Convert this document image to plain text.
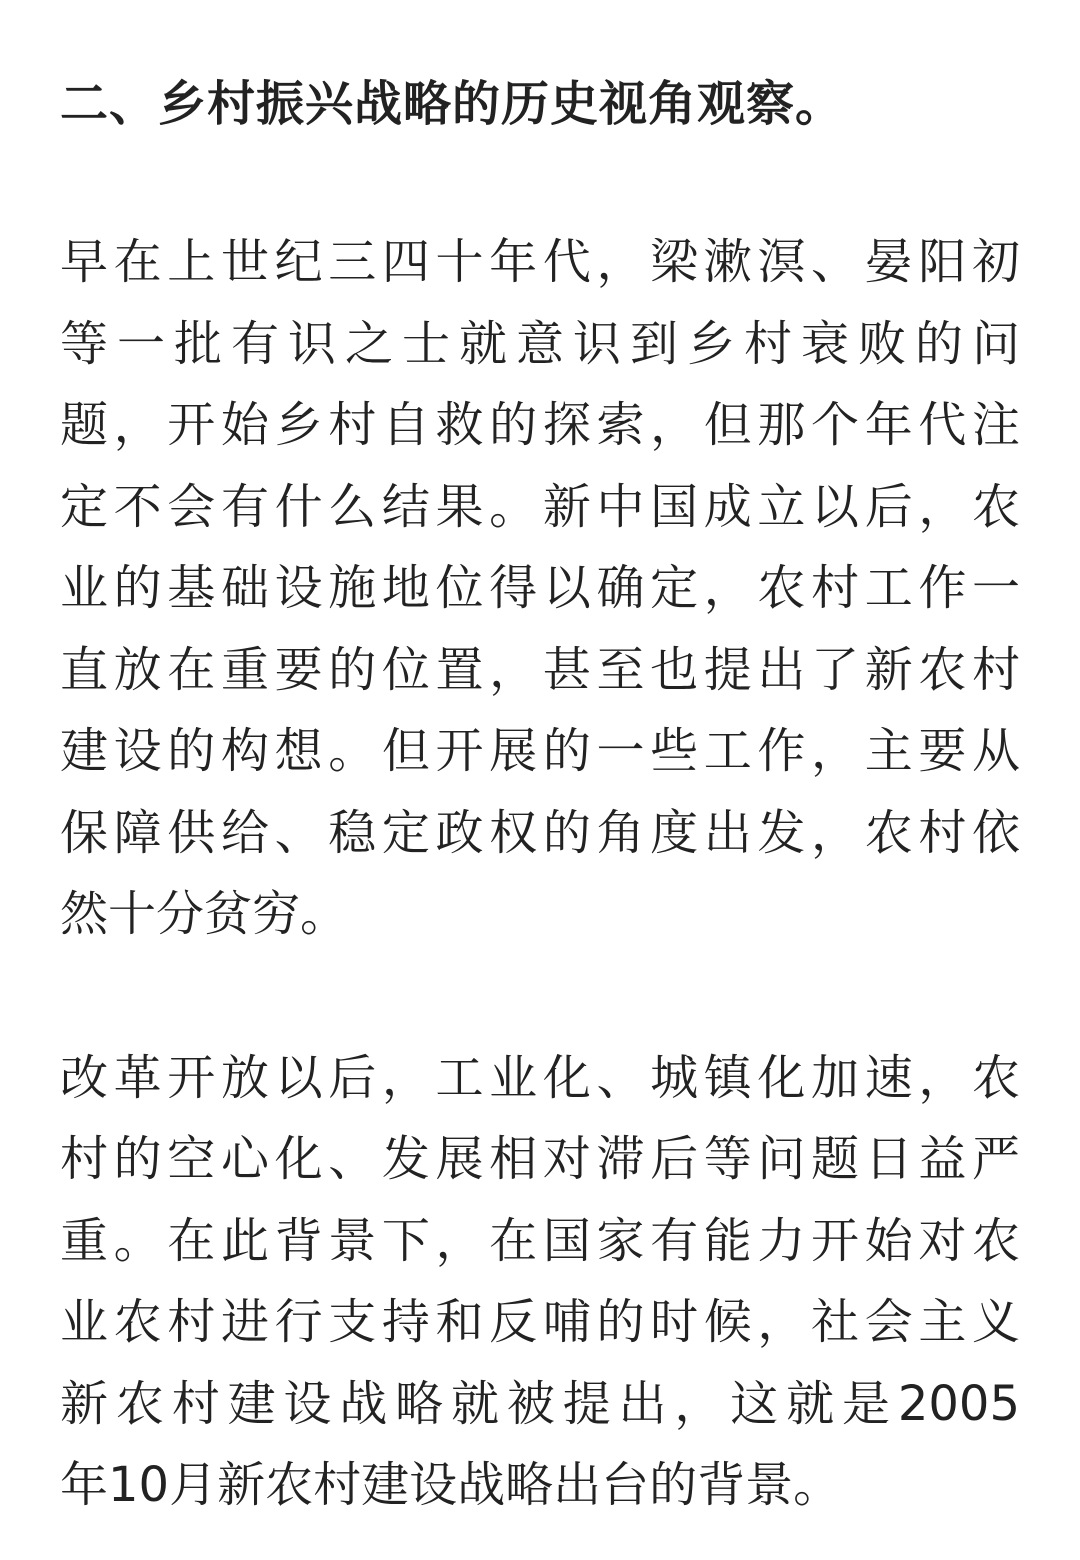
二、乡村振兴战略的历史视角观察。

早在上世纪三四十年代，梁漱溟、晏阳初
等一批有识之士就意识到乡村衰败的问
题，开始乡村自救的探索，但那个年代注
定不会有什么结果。新中国成立以后，农
业的基础设施地位得以确定，农村工作一
直放在重要的位置，甚至也提出了新农村
建设的构想。但开展的一些工作，主要从
保障供给、稳定政权的角度出发，农村依
然十分贫穷。

改革开放以后，工业化、城镇化加速，农
村的空心化、发展相对滞后等问题日益严
重。在此背景下，在国家有能力开始对农
业农村进行支持和反哺的时候，社会主义
新农村建设战略就被提出，这就是2005
年10月新农村建设战略出台的背景。
